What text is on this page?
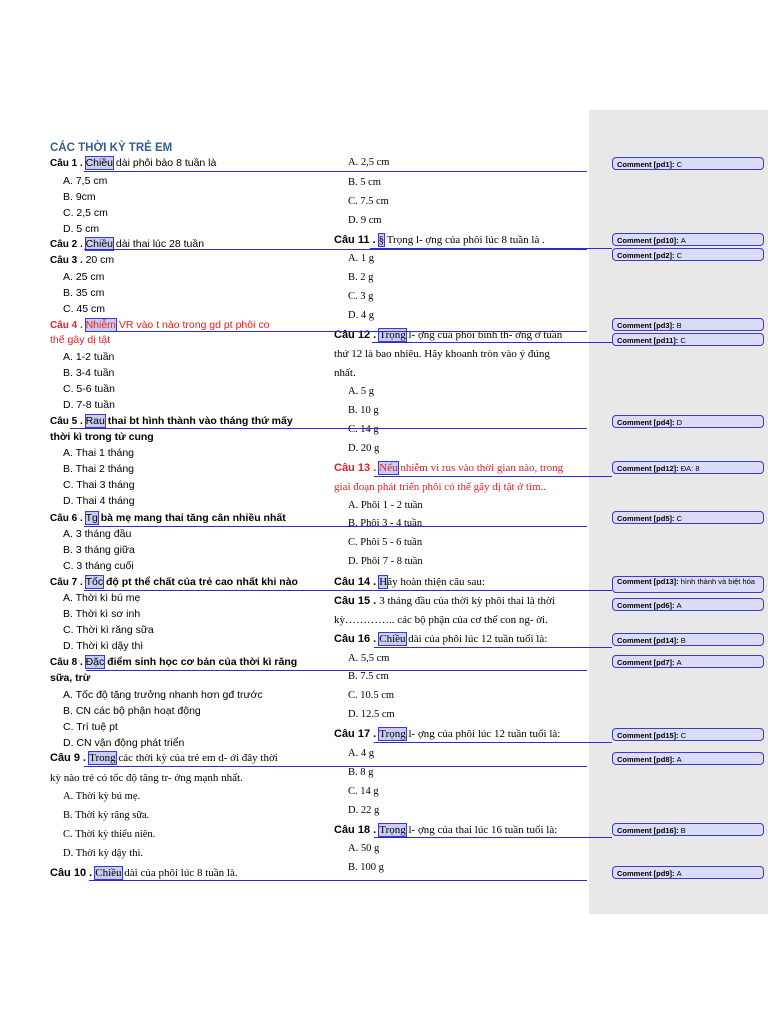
CÁC THỜI KỲ TRẺ EM
Câu 1 . Chiều dài phôi bào 8 tuần là
A. 7,5 cm
B. 9cm
C. 2,5 cm
D. 5 cm
Câu 2 . Chiều dài thai lúc 28 tuần
Câu 3 . 20 cm
A. 25 cm
B. 35 cm
C. 45 cm
Câu 4 . Nhiễm VR vào t nào trong gd pt phôi co
thế gây dị tật
A. 1-2 tuần
B. 3-4 tuần
C. 5-6 tuần
D. 7-8 tuần
Câu 5 . Rau thai bt hình thành vào tháng thứ mấy
thời kì trong tử cung
A. Thai 1 tháng
B. Thai 2 tháng
C. Thai 3 tháng
D. Thai 4 tháng
Câu 6 . Tg bà mẹ mang thai tăng cân nhiều nhất
A. 3 tháng đầu
B. 3 tháng giữa
C. 3 tháng cuối
Câu 7 . Tốc độ pt thể chất của trẻ cao nhất khi nào
A. Thời kì bú mẹ
B. Thời kì sơ inh
C. Thời kì răng sữa
D. Thời kì dậy thì
Câu 8 . Đặc điểm sinh học cơ bản của thời kì răng
sữa, trừ
A. Tốc độ tăng trưởng nhanh hơn gđ trước
B. CN các bộ phận hoạt động
C. Trí tuệ pt
D. CN vận động phát triển
Câu 9 . Trong các thời kỳ của trẻ em d- ới đây thời
kỳ nào trẻ có tốc độ tăng tr- ởng mạnh nhất.
A. Thời kỳ bú mẹ.
B. Thời kỳ răng sữa.
C. Thời kỳ thiếu niên.
D. Thời kỳ dậy thì.
Câu 10 . Chiều dài của phôi lúc 8 tuần là.
A. 2,5 cm
B. 5 cm
C. 7.5 cm
D. 9 cm
Câu 11 . § Trọng l- ợng của phôi lúc 8 tuần là .
A. 1 g
B. 2 g
C. 3 g
D. 4 g
Câu 12 . Trọng l- ợng của phôi bình th- ờng ở tuần
thứ 12 là bao nhiêu. Hãy khoanh tròn vào ý đúng
nhất.
A. 5 g
B. 10 g
C. 14 g
D. 20 g
Câu 13 . Nếu nhiễm vi rus vào thời gian nào, trong
giai đoạn phát triển phôi có thể gây dị tật ở tim..
A. Phôi 1 - 2 tuần
B. Phôi 3 - 4 tuần
C. Phôi 5 - 6 tuần
D. Phôi 7 - 8 tuần
Câu 14 . Hãy hoàn thiện câu sau:
Câu 15 . 3 tháng đầu của thời kỳ phôi thai là thời
kỳ………….. các bộ phận của cơ thể con ng- ời.
Câu 16 . Chiều dài của phôi lúc 12 tuần tuổi là:
A. 5,5 cm
B. 7.5 cm
C. 10.5 cm
D. 12.5 cm
Câu 17 . Trọng l- ợng của phôi lúc 12 tuần tuổi là:
A. 4 g
B. 8 g
C. 14 g
D. 22 g
Câu 18 . Trọng l- ợng của thai lúc 16 tuần tuổi là:
A. 50 g
B. 100 g
Comment [pd1]: C
Comment [pd10]: A
Comment [pd2]: C
Comment [pd3]: B
Comment [pd11]: C
Comment [pd4]: D
Comment [pd12]: ĐA: 8
Comment [pd5]: C
Comment [pd13]: hình thành và biệt hóa
Comment [pd6]: A
Comment [pd14]: B
Comment [pd7]: A
Comment [pd15]: C
Comment [pd8]: A
Comment [pd16]: B
Comment [pd9]: A
